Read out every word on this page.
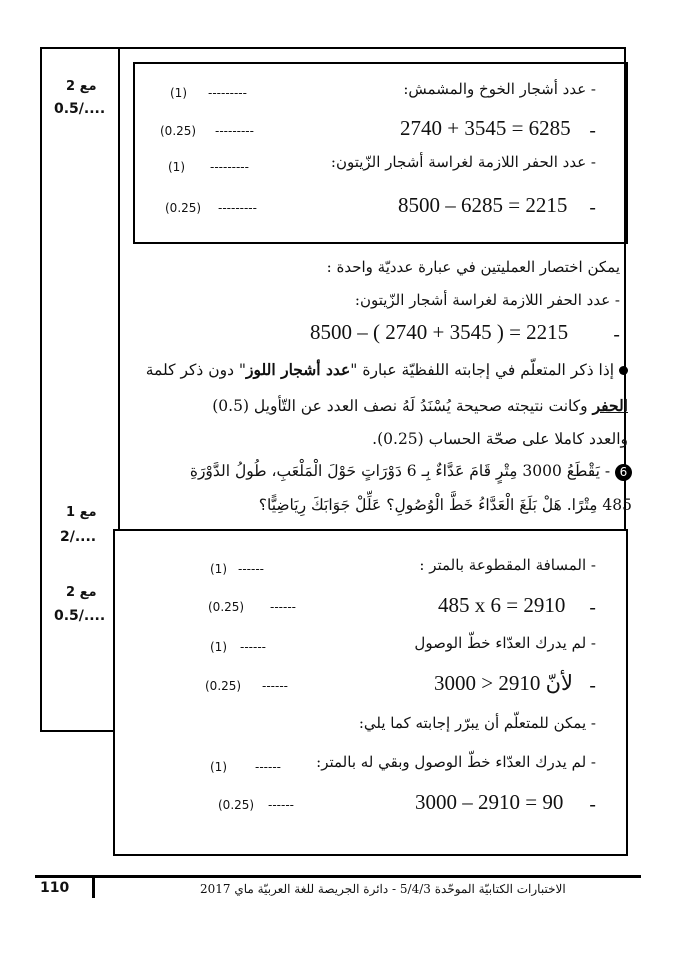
مع 2
0.5/....
مع 1
2/....
مع 2
0.5/....
- عدد أشجار الخوخ والمشمش:
---------
(1)
-
2740 + 3545 = 6285
---------
(0.25)
- عدد الحفر اللازمة لغراسة أشجار الزّيتون:
---------
(1)
-
8500 – 6285 = 2215
---------
(0.25)
يمكن اختصار العمليتين في عبارة عدديّة واحدة :
- عدد الحفر اللازمة لغراسة أشجار الزّيتون:
-
8500 – ( 2740 + 3545 ) = 2215
إذا ذكر المتعلّم في إجابته اللفظيّة عبارة "عدد أشجار اللوز" دون ذكر كلمة
الحفر وكانت نتيجته صحيحة يُسْنَدُ لَهُ نصف العدد عن التّأويل (0.5)
والعدد كاملا على صحّة الحساب (0.25).
6 - يَقْطَعُ 3000 مِتْرٍ قَامَ عَدَّاءٌ بِـ 6 دَوْرَاتٍ حَوْلَ الْمَلْعَبِ، طُولُ الدَّوْرَةِ
485 مِتْرًا. هَلْ بَلَغَ الْعَدَّاءُ خَطَّ الْوُصُولِ؟ عَلِّلْ جَوَابَكَ رِيَاضِيًّا؟
- المسافة المقطوعة بالمتر :
------
(1)
-
485 x 6 = 2910
------
(0.25)
- لم يدرك العدّاء خطّ الوصول
------
(1)
-
لأنّ 2910 < 3000
------
(0.25)
- يمكن للمتعلّم أن يبرّر إجابته كما يلي:
- لم يدرك العدّاء خطّ الوصول وبقي له بالمتر:
------
(1)
-
3000 – 2910 = 90
------
(0.25)
110	الاختبارات الكتابيّة الموحّدة 5/4/3 - دائرة الجريصة للغة العربيّة ماي 2017
